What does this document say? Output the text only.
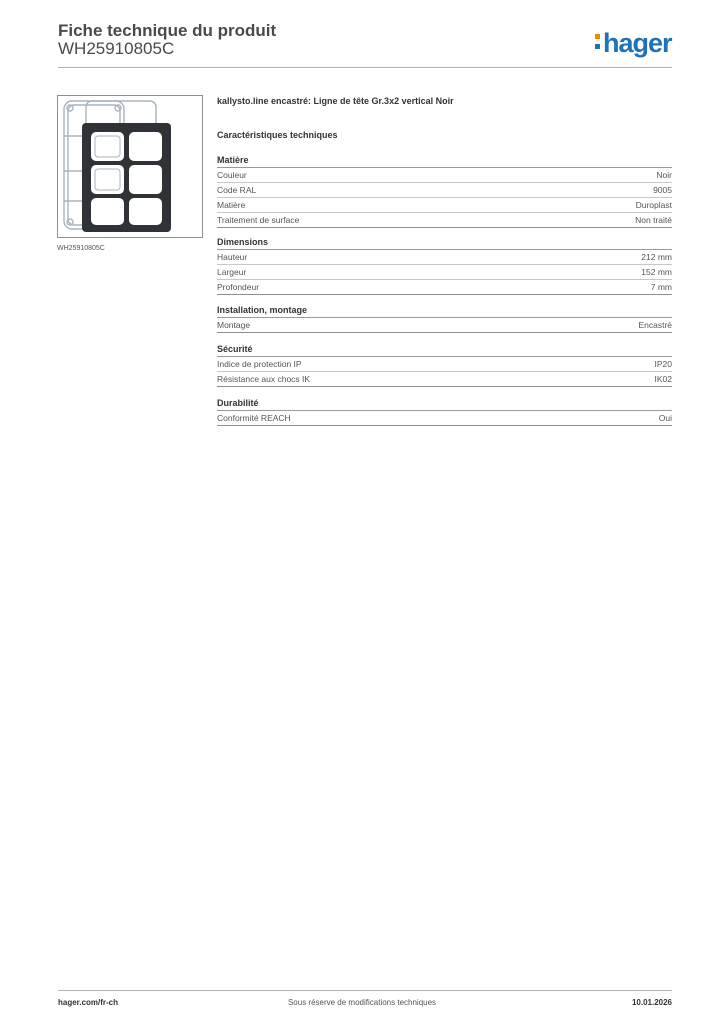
Fiche technique du produit
WH25910805C	hager
WH25910805C
kallysto.line encastré: Ligne de tête Gr.3x2 vertical Noir
Caractéristiques techniques
Matière
Couleur	Noir
Code RAL	9005
Matière	Duroplast
Traitement de surface	Non traité
Dimensions
Hauteur	212 mm
Largeur	152 mm
Profondeur	7 mm
Installation, montage
Montage	Encastré
Sécurité
Indice de protection IP	IP20
Résistance aux chocs IK	IK02
Durabilité
Conformité REACH	Oui
hager.com/fr-ch	Sous réserve de modifications techniques	10.01.2026
